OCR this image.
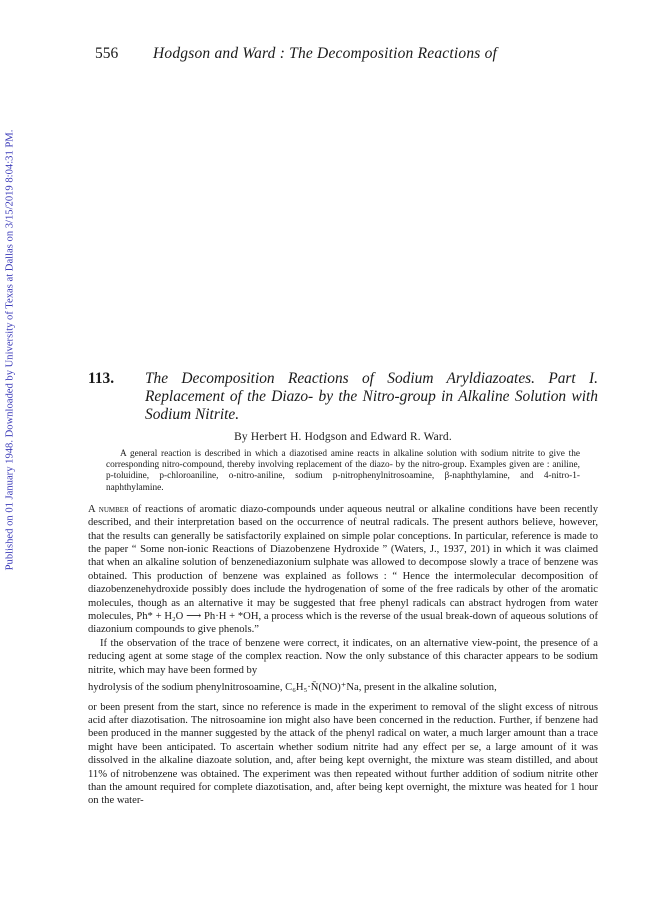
Published on 01 January 1948. Downloaded by University of Texas at Dallas on 3/15/2019 8:04:31 PM.
556 Hodgson and Ward : The Decomposition Reactions of
113. The Decomposition Reactions of Sodium Aryldiazoates. Part I. Replacement of the Diazo- by the Nitro-group in Alkaline Solution with Sodium Nitrite.
By Herbert H. Hodgson and Edward R. Ward.
A general reaction is described in which a diazotised amine reacts in alkaline solution with sodium nitrite to give the corresponding nitro-compound, thereby involving replacement of the diazo- by the nitro-group. Examples given are : aniline, p-toluidine, p-chloroaniline, o-nitro-aniline, sodium p-nitrophenylnitrosoamine, β-naphthylamine, and 4-nitro-1-naphthylamine.

A number of reactions of aromatic diazo-compounds under aqueous neutral or alkaline conditions have been recently described, and their interpretation based on the occurrence of neutral radicals. The present authors believe, however, that the results can generally be satisfactorily explained on simple polar conceptions. In particular, reference is made to the paper “ Some non-ionic Reactions of Diazobenzene Hydroxide ” (Waters, J., 1937, 201) in which it was claimed that when an alkaline solution of benzenediazonium sulphate was allowed to decompose slowly a trace of benzene was obtained. This production of benzene was explained as follows : “ Hence the intermolecular decomposition of diazobenzenehydroxide possibly does include the hydrogenation of some of the free radicals by other of the aromatic molecules, though as an alternative it may be suggested that free phenyl radicals can abstract hydrogen from water molecules, Ph* + H₂O ⟶ Ph·H + *OH, a process which is the reverse of the usual break-down of aqueous solutions of diazonium compounds to give phenols.”

If the observation of the trace of benzene were correct, it indicates, on an alternative view-point, the presence of a reducing agent at some stage of the complex reaction. Now the only substance of this character appears to be sodium nitrite, which may have been formed by

hydrolysis of the sodium phenylnitrosoamine, C₆H₅·N̄(NO)⁺Na, present in the alkaline solution,

or been present from the start, since no reference is made in the experiment to removal of the slight excess of nitrous acid after diazotisation. The nitrosoamine ion might also have been concerned in the reduction. Further, if benzene had been produced in the manner suggested by the attack of the phenyl radical on water, a much larger amount than a trace might have been anticipated. To ascertain whether sodium nitrite had any effect per se, a large amount of it was dissolved in the alkaline diazoate solution, and, after being kept overnight, the mixture was steam distilled, and about 11% of nitrobenzene was obtained. The experiment was then repeated without further addition of sodium nitrite other than the amount required for complete diazotisation, and, after being kept overnight, the mixture was heated for 1 hour on the water-
